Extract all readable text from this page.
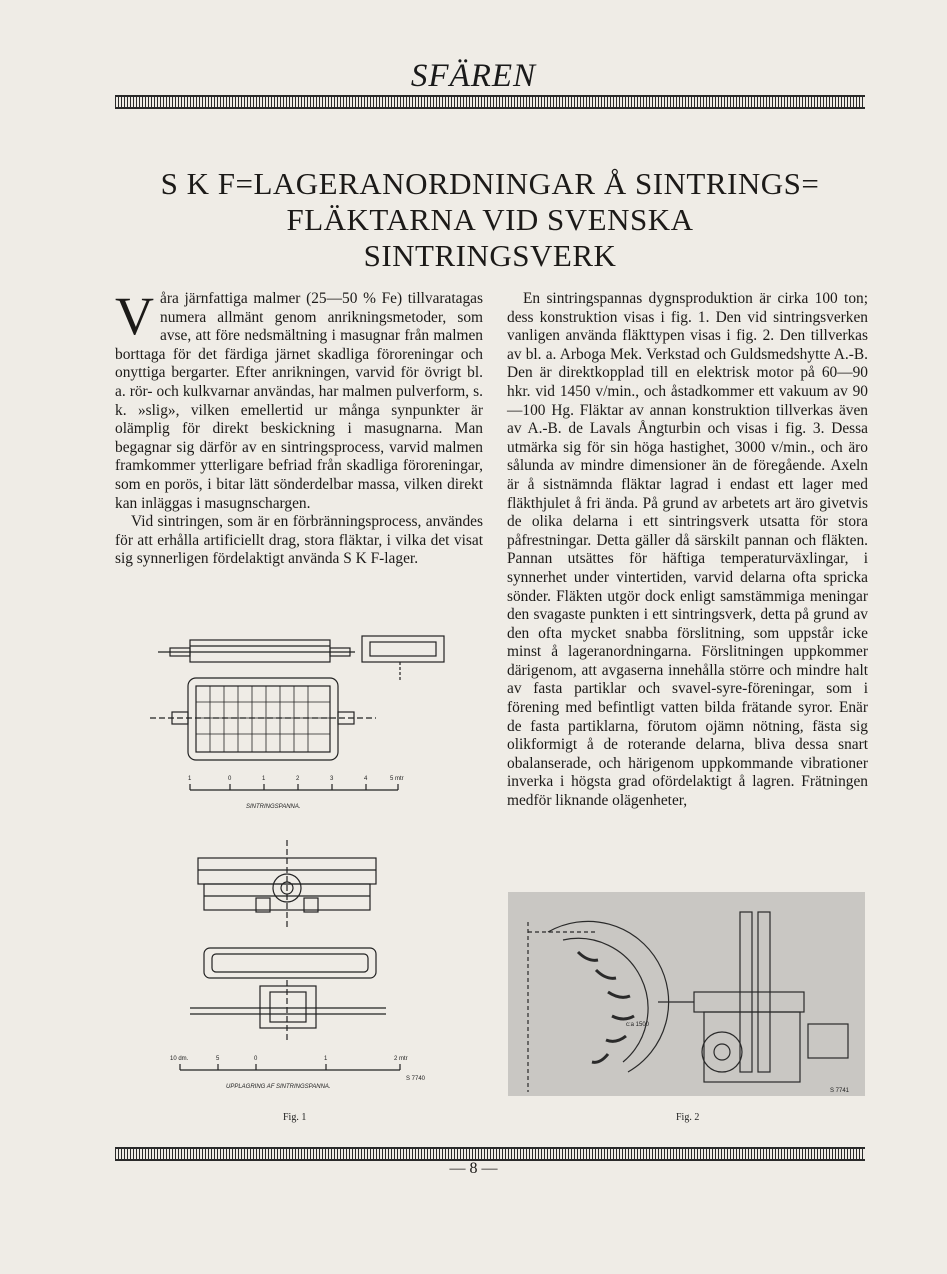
SFÄREN
S K F=LAGERANORDNINGAR Å SINTRINGS=
FLÄKTARNA VID SVENSKA
SINTRINGSVERK
V åra järnfattiga malmer (25—50 % Fe) tillvaratagas numera allmänt genom anrikningsmetoder, som avse, att före nedsmältning i masugnar från malmen borttaga för det färdiga järnet skadliga föroreningar och onyttiga bergarter. Efter anrikningen, varvid för övrigt bl. a. rör- och kulkvarnar användas, har malmen pulverform, s. k. »slig», vilken emellertid ur många synpunkter är olämplig för direkt beskickning i masugnarna. Man begagnar sig därför av en sintringsprocess, varvid malmen framkommer ytterligare befriad från skadliga föroreningar, som en porös, i bitar lätt sönderdelbar massa, vilken direkt kan inläggas i masugnschargen.

Vid sintringen, som är en förbränningsprocess, användes för att erhålla artificiellt drag, stora fläktar, i vilka det visat sig synnerligen fördelaktigt använda S K F-lager.

En sintringspannas dygnsproduktion är cirka 100 ton; dess konstruktion visas i fig. 1. Den vid sintringsverken vanligen använda fläkttypen visas i fig. 2. Den tillverkas av bl. a. Arboga Mek. Verkstad och Guldsmedshytte A.-B. Den är direktkopplad till en elektrisk motor på 60—90 hkr. vid 1450 v/min., och åstadkommer ett vakuum av 90—100 Hg. Fläktar av annan konstruktion tillverkas även av A.-B. de Lavals Ångturbin och visas i fig. 3. Dessa utmärka sig för sin höga hastighet, 3000 v/min., och äro sålunda av mindre dimensioner än de föregående. Axeln är å sistnämnda fläktar lagrad i endast ett lager med fläkthjulet å fri ända. På grund av arbetets art äro givetvis de olika delarna i ett sintringsverk utsatta för stora påfrestningar. Detta gäller då särskilt pannan och fläkten. Pannan utsättes för häftiga temperaturväxlingar, i synnerhet under vintertiden, varvid delarna ofta spricka sönder. Fläkten utgör dock enligt samstämmiga meningar den svagaste punkten i ett sintringsverk, detta på grund av den ofta mycket snabba förslitning, som uppstår icke minst å lageranordningarna. Förslitningen uppkommer därigenom, att avgaserna innehålla större och mindre halt av fasta partiklar och svavel-syre-föreningar, som i förening med befintligt vatten bilda frätande syror. Enär de fasta partiklarna, förutom ojämn nötning, fästa sig olikformigt å de roterande delarna, bliva dessa snart obalanserade, och härigenom uppkommande vibrationer inverka i högsta grad ofördelaktigt å lagren. Frätningen medför liknande olägenheter,

1	0	1	2	3	4	5 mtr
SINTRINGSPANNA.
10 dm.	5	0	1	2 mtr
S 7740
UPPLAGRING AF SINTRINGSPANNA.
Fig. 1
c:a 1500
S 7741
Fig. 2
— 8 —
